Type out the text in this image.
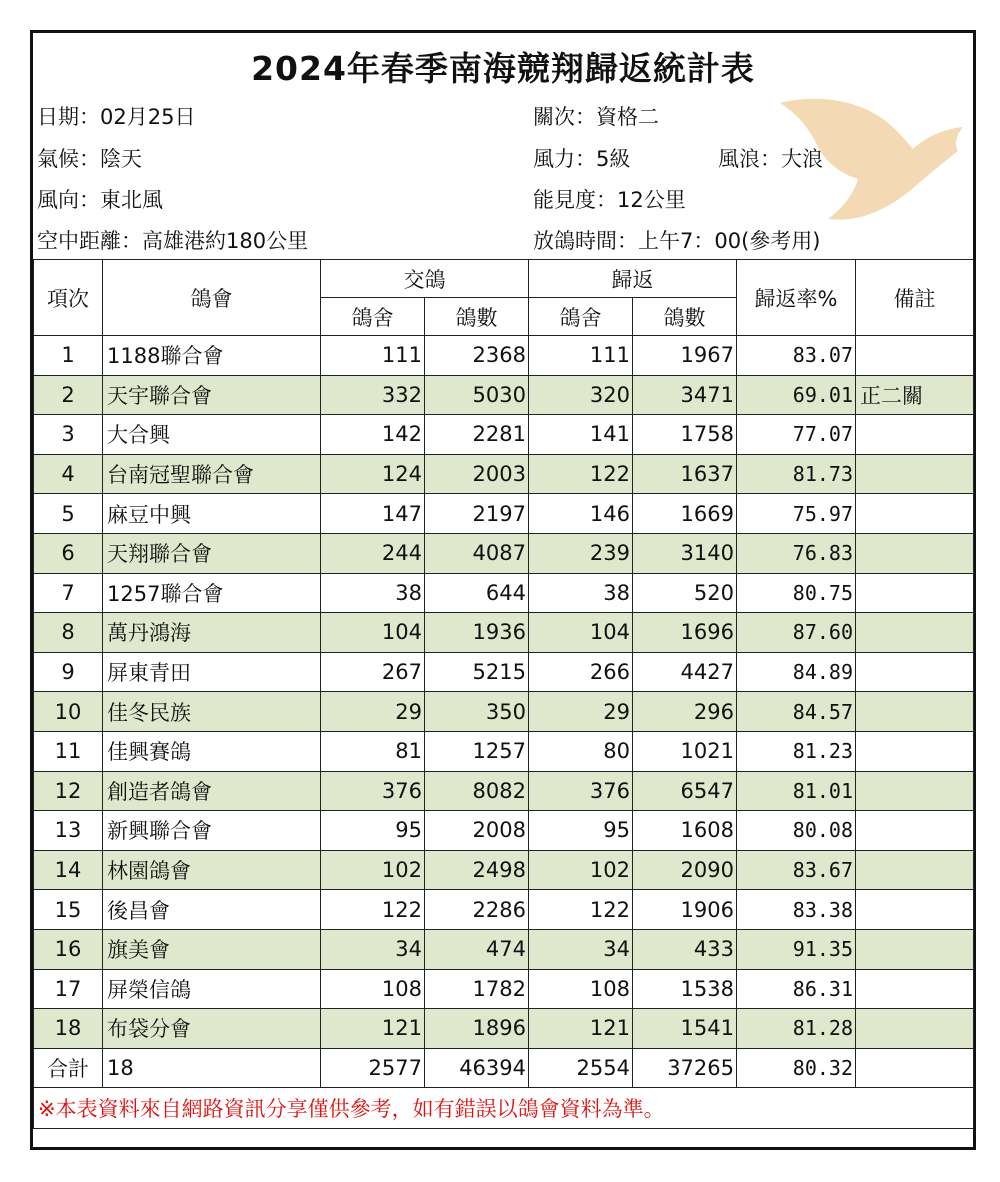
2024年春季南海競翔歸返統計表
日期：02月25日
氣候：陰天
風向：東北風
空中距離：高雄港約180公里
關次：資格二
風力：5級	風浪：大浪
能見度：12公里
放鴿時間：上午7：00(參考用)
項次	鴿會	交鴿		歸返		歸返率%	備註
		鴿舍	鴿數	鴿舍	鴿數		
1	1188聯合會	111	2368	111	1967	83.07	
2	天宇聯合會	332	5030	320	3471	69.01	正二關
3	大合興	142	2281	141	1758	77.07	
4	台南冠聖聯合會	124	2003	122	1637	81.73	
5	麻豆中興	147	2197	146	1669	75.97	
6	天翔聯合會	244	4087	239	3140	76.83	
7	1257聯合會	38	644	38	520	80.75	
8	萬丹鴻海	104	1936	104	1696	87.60	
9	屏東青田	267	5215	266	4427	84.89	
10	佳冬民族	29	350	29	296	84.57	
11	佳興賽鴿	81	1257	80	1021	81.23	
12	創造者鴿會	376	8082	376	6547	81.01	
13	新興聯合會	95	2008	95	1608	80.08	
14	林園鴿會	102	2498	102	2090	83.67	
15	後昌會	122	2286	122	1906	83.38	
16	旗美會	34	474	34	433	91.35	
17	屏榮信鴿	108	1782	108	1538	86.31	
18	布袋分會	121	1896	121	1541	81.28	
合計	18	2577	46394	2554	37265	80.32	
※本表資料來自網路資訊分享僅供參考，如有錯誤以鴿會資料為準。							
